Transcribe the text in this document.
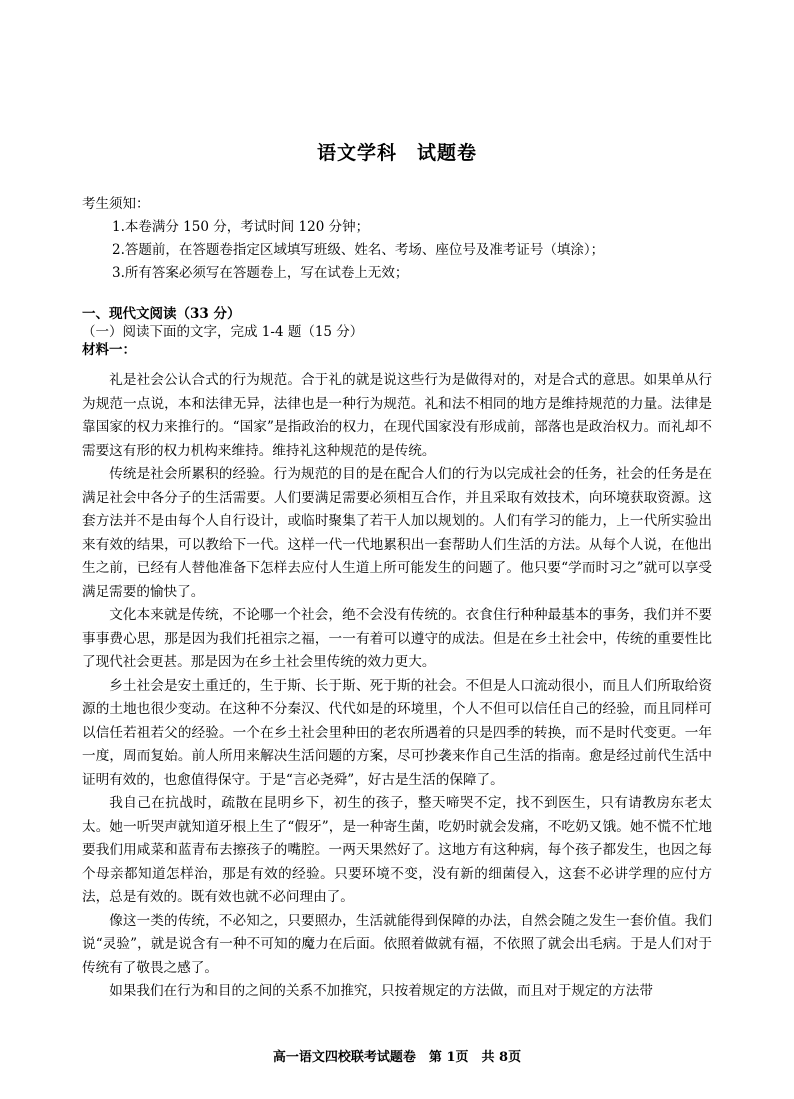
语文学科　试题卷
考生须知：
1.本卷满分 150 分，考试时间 120 分钟；
2.答题前，在答题卷指定区域填写班级、姓名、考场、座位号及准考证号（填涂）；
3.所有答案必须写在答题卷上，写在试卷上无效；
一、现代文阅读（33 分）
（一）阅读下面的文字，完成 1-4 题（15 分）
材料一：

礼是社会公认合式的行为规范。合于礼的就是说这些行为是做得对的，对是合式的意思。如果单从行为规范一点说，本和法律无异，法律也是一种行为规范。礼和法不相同的地方是维持规范的力量。法律是靠国家的权力来推行的。“国家”是指政治的权力，在现代国家没有形成前，部落也是政治权力。而礼却不需要这有形的权力机构来维持。维持礼这种规范的是传统。

传统是社会所累积的经验。行为规范的目的是在配合人们的行为以完成社会的任务，社会的任务是在满足社会中各分子的生活需要。人们要满足需要必须相互合作，并且采取有效技术，向环境获取资源。这套方法并不是由每个人自行设计，或临时聚集了若干人加以规划的。人们有学习的能力，上一代所实验出来有效的结果，可以教给下一代。这样一代一代地累积出一套帮助人们生活的方法。从每个人说，在他出生之前，已经有人替他准备下怎样去应付人生道上所可能发生的问题了。他只要“学而时习之”就可以享受满足需要的愉快了。

文化本来就是传统，不论哪一个社会，绝不会没有传统的。衣食住行种种最基本的事务，我们并不要事事费心思，那是因为我们托祖宗之福，一一有着可以遵守的成法。但是在乡土社会中，传统的重要性比了现代社会更甚。那是因为在乡土社会里传统的效力更大。

乡土社会是安土重迁的，生于斯、长于斯、死于斯的社会。不但是人口流动很小，而且人们所取给资源的土地也很少变动。在这种不分秦汉、代代如是的环境里，个人不但可以信任自己的经验，而且同样可以信任若祖若父的经验。一个在乡土社会里种田的老农所遇着的只是四季的转换，而不是时代变更。一年一度，周而复始。前人所用来解决生活问题的方案，尽可抄袭来作自己生活的指南。愈是经过前代生活中证明有效的，也愈值得保守。于是“言必尧舜”，好古是生活的保障了。

我自己在抗战时，疏散在昆明乡下，初生的孩子，整天啼哭不定，找不到医生，只有请教房东老太太。她一听哭声就知道牙根上生了“假牙”，是一种寄生菌，吃奶时就会发痛，不吃奶又饿。她不慌不忙地要我们用咸菜和蓝青布去擦孩子的嘴腔。一两天果然好了。这地方有这种病，每个孩子都发生，也因之每个母亲都知道怎样治，那是有效的经验。只要环境不变，没有新的细菌侵入，这套不必讲学理的应付方法，总是有效的。既有效也就不必问理由了。

像这一类的传统，不必知之，只要照办，生活就能得到保障的办法，自然会随之发生一套价值。我们说“灵验”，就是说含有一种不可知的魔力在后面。依照着做就有福，不依照了就会出毛病。于是人们对于传统有了敬畏之感了。

如果我们在行为和目的之间的关系不加推究，只按着规定的方法做，而且对于规定的方法带

高一语文四校联考试题卷　第 1页　共 8页
